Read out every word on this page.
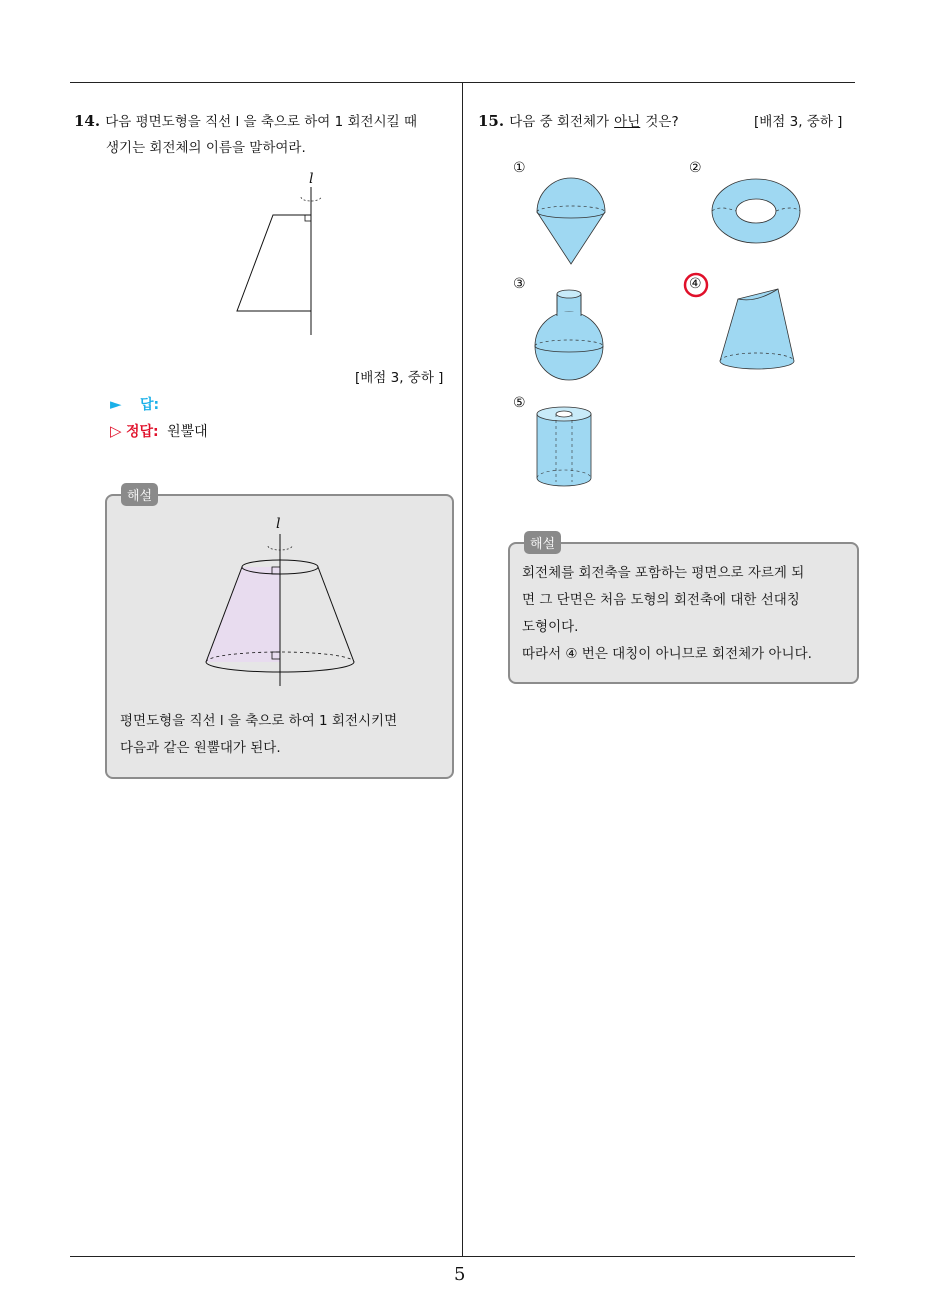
5
14. 다음 평면도형을 직선 l 을 축으로 하여 1 회전시킬 때
생기는 회전체의 이름을 말하여라.
l
[배점 3, 중하 ]
► 답:
▷ 정답: 원뿔대
해설
l
평면도형을 직선 l 을 축으로 하여 1 회전시키면
다음과 같은 원뿔대가 된다.
15. 다음 중 회전체가 아닌 것은?	[배점 3, 중하 ]
①	②
③	④
⑤
해설
회전체를 회전축을 포함하는 평면으로 자르게 되
면 그 단면은 처음 도형의 회전축에 대한 선대칭
도형이다.
따라서 ④ 번은 대칭이 아니므로 회전체가 아니다.
